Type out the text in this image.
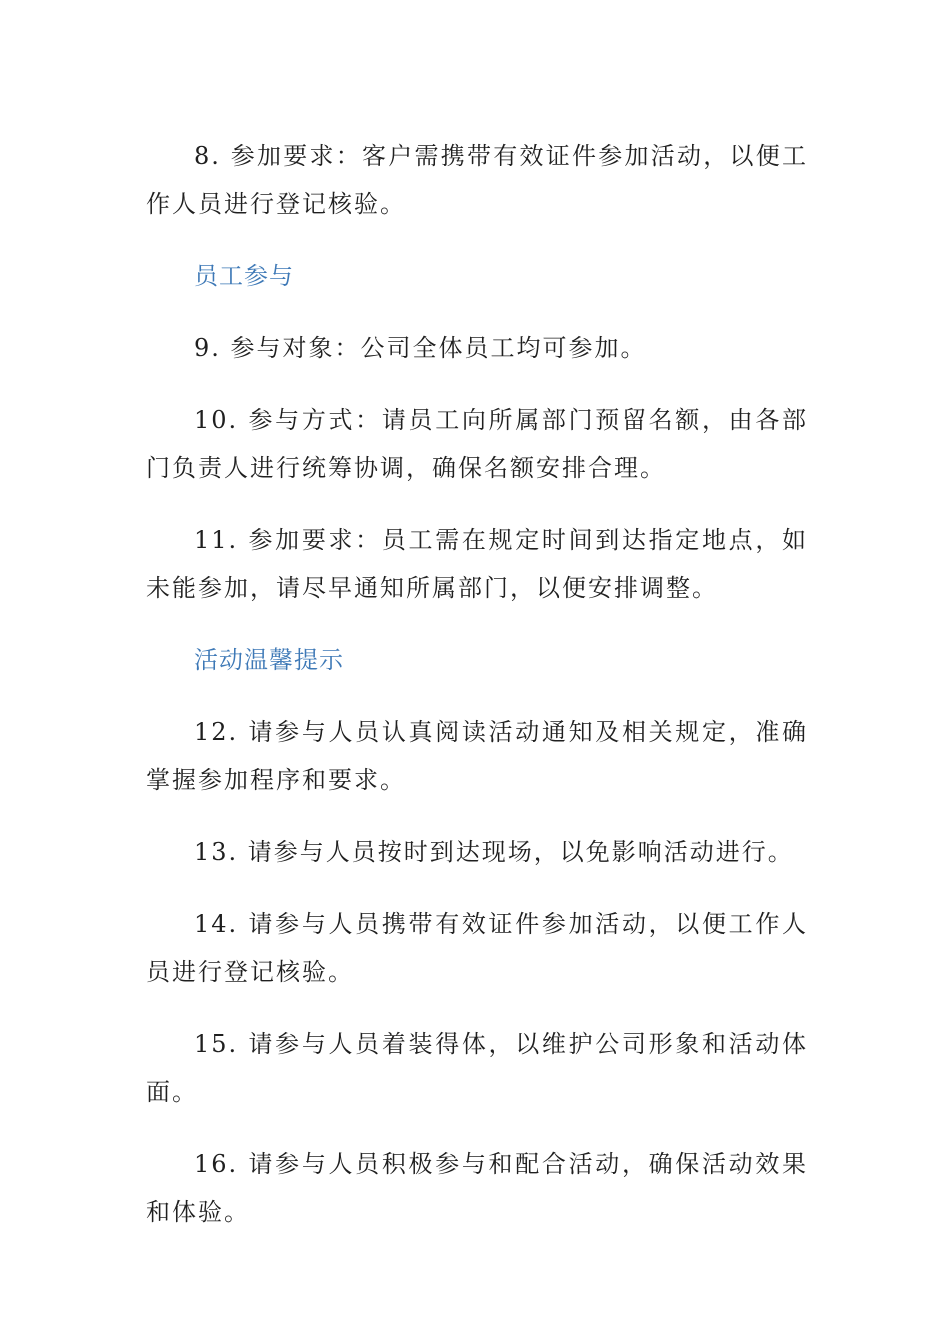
8. 参加要求：客户需携带有效证件参加活动，以便工作人员进行登记核验。

员工参与

9. 参与对象：公司全体员工均可参加。

10. 参与方式：请员工向所属部门预留名额，由各部门负责人进行统筹协调，确保名额安排合理。

11. 参加要求：员工需在规定时间到达指定地点，如未能参加，请尽早通知所属部门，以便安排调整。

活动温馨提示

12. 请参与人员认真阅读活动通知及相关规定，准确掌握参加程序和要求。

13. 请参与人员按时到达现场，以免影响活动进行。

14. 请参与人员携带有效证件参加活动，以便工作人员进行登记核验。

15. 请参与人员着装得体，以维护公司形象和活动体面。

16. 请参与人员积极参与和配合活动，确保活动效果和体验。
